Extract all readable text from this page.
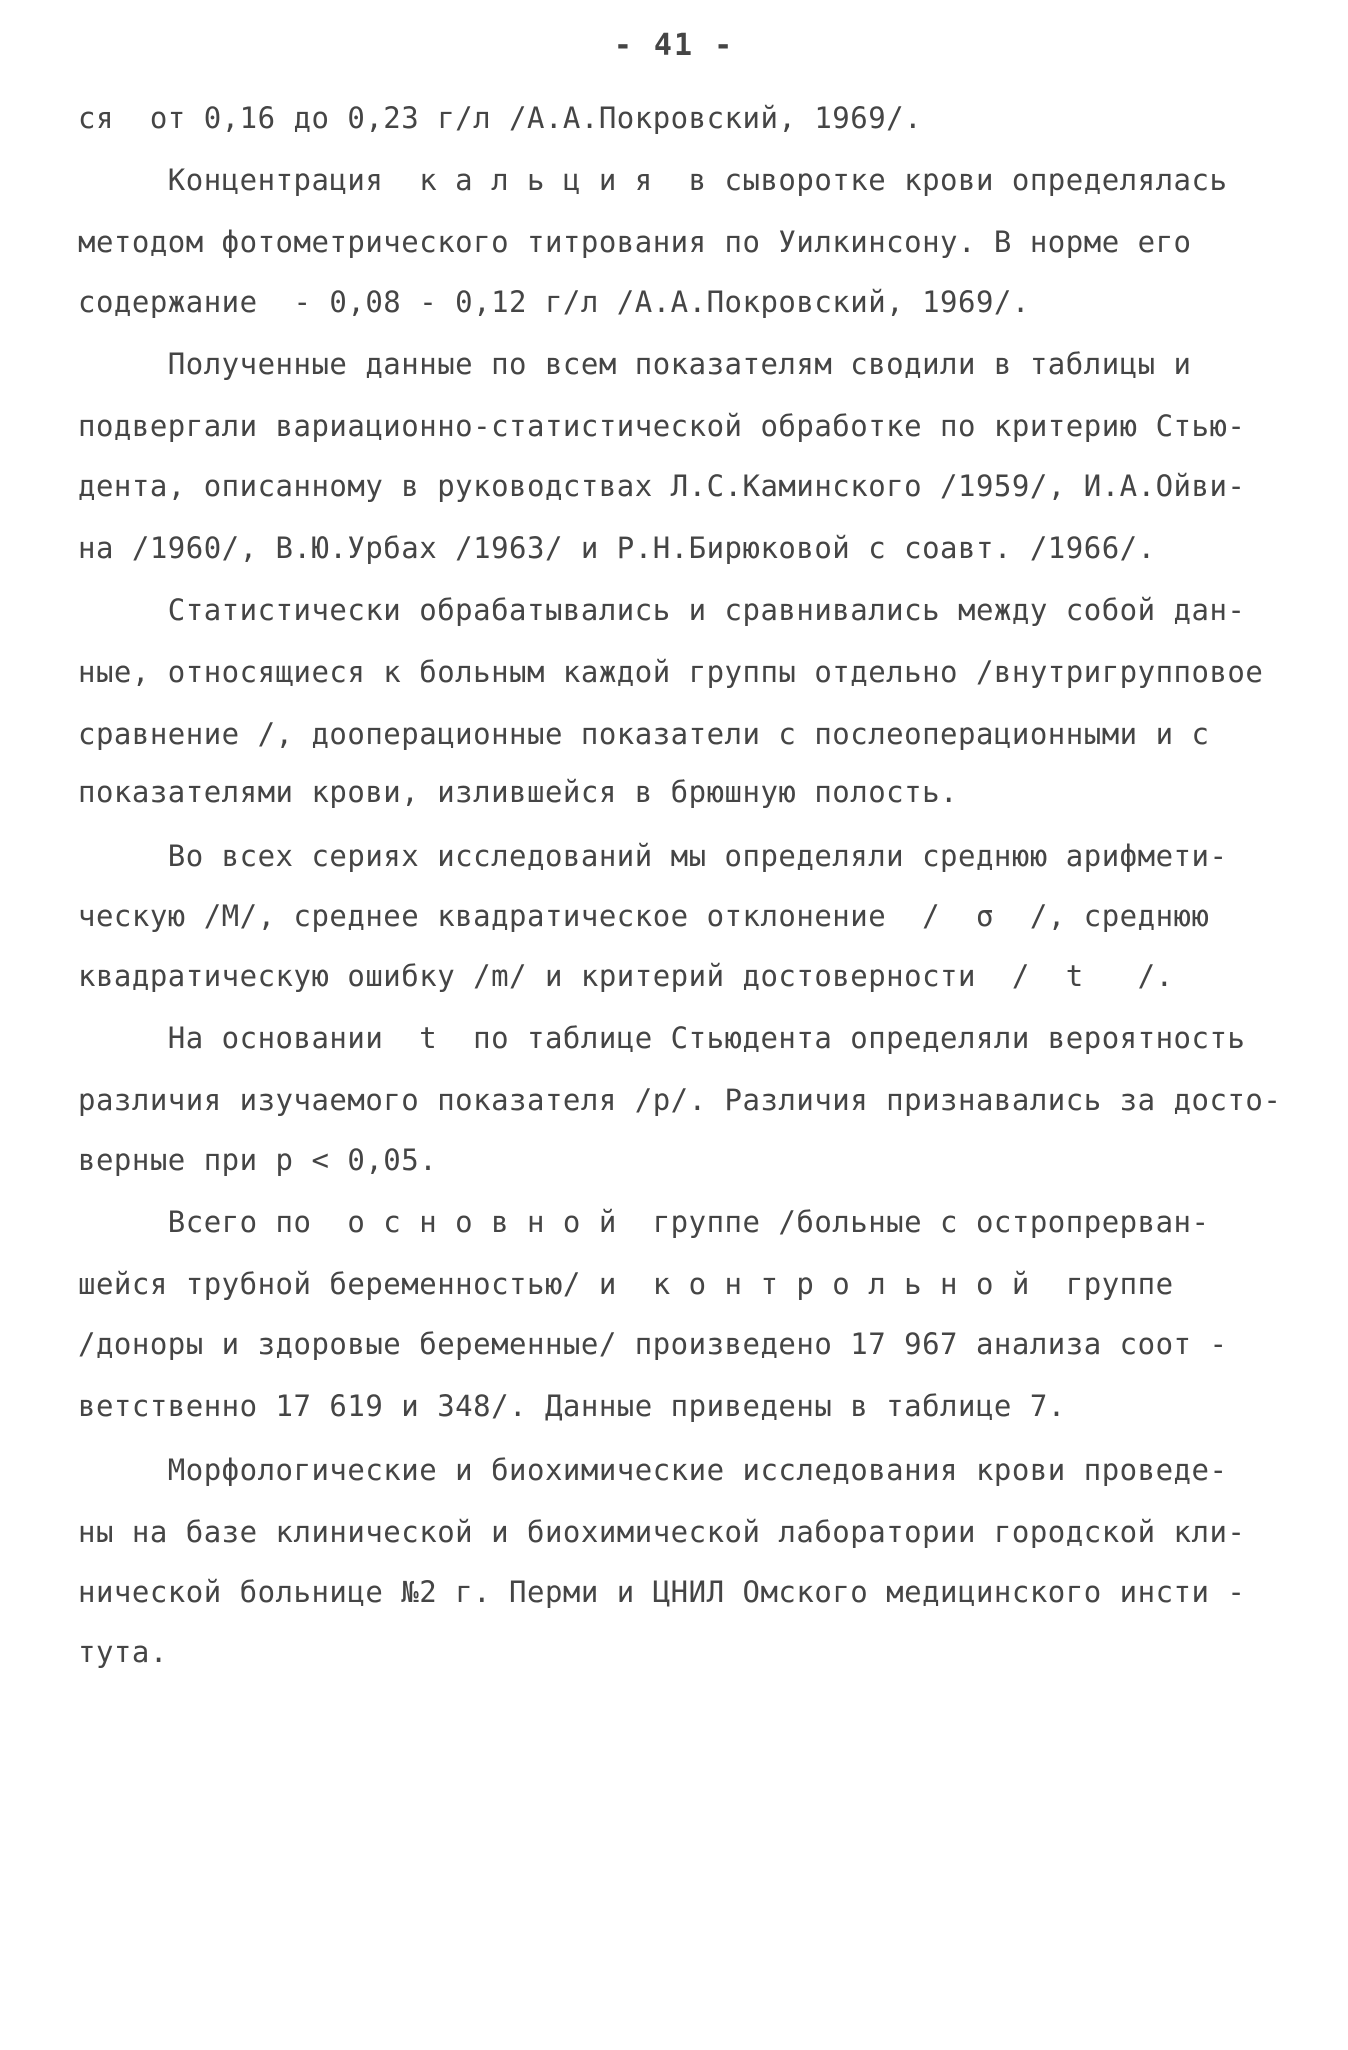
- 41 -
ся  от 0,16 до 0,23 г/л /А.А.Покровский, 1969/.
Концентрация  к а л ь ц и я  в сыворотке крови определялась
методом фотометрического титрования по Уилкинсону. В норме его
содержание  - 0,08 - 0,12 г/л /А.А.Покровский, 1969/.
Полученные данные по всем показателям сводили в таблицы и
подвергали вариационно-статистической обработке по критерию Стью-
дента, описанному в руководствах Л.С.Каминского /1959/, И.А.Ойви-
на /1960/, В.Ю.Урбах /1963/ и Р.Н.Бирюковой с соавт. /1966/.
Статистически обрабатывались и сравнивались между собой дан-
ные, относящиеся к больным каждой группы отдельно /внутригрупповое
сравнение /, дооперационные показатели с послеоперационными и с
показателями крови, излившейся в брюшную полость.
Во всех сериях исследований мы определяли среднюю арифмети-
ческую /М/, среднее квадратическое отклонение  /  σ  /, среднюю
квадратическую ошибку /m/ и критерий достоверности  /  t   /.
На основании  t  по таблице Стьюдента определяли вероятность
различия изучаемого показателя /р/. Различия признавались за досто-
верные при р < 0,05.
Всего по  о с н о в н о й  группе /больные с остропрерван-
шейся трубной беременностью/ и  к о н т р о л ь н о й  группе
/доноры и здоровые беременные/ произведено 17 967 анализа соот -
ветственно 17 619 и 348/. Данные приведены в таблице 7.
Морфологические и биохимические исследования крови проведе-
ны на базе клинической и биохимической лаборатории городской кли-
нической больнице №2 г. Перми и ЦНИЛ Омского медицинского инсти -
тута.
